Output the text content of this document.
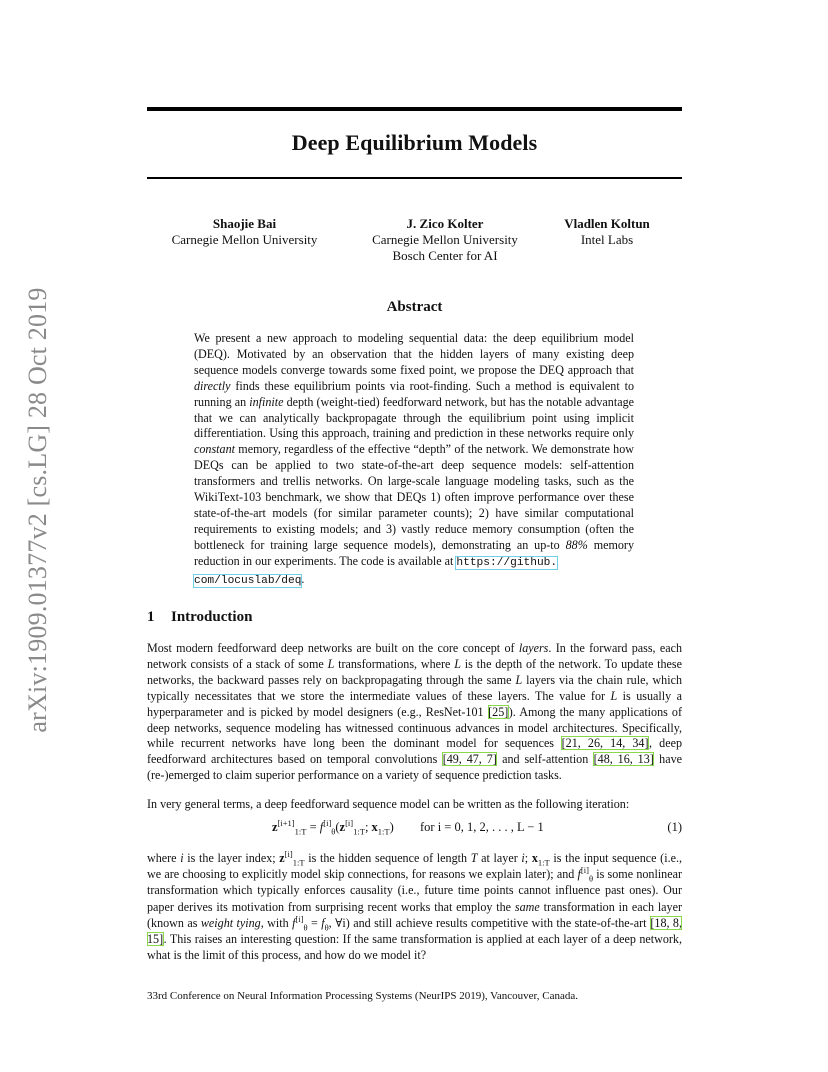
arXiv:1909.01377v2 [cs.LG] 28 Oct 2019
Deep Equilibrium Models
Shaojie Bai
Carnegie Mellon University
J. Zico Kolter
Carnegie Mellon University
Bosch Center for AI
Vladlen Koltun
Intel Labs
Abstract
We present a new approach to modeling sequential data: the deep equilibrium model (DEQ). Motivated by an observation that the hidden layers of many existing deep sequence models converge towards some fixed point, we propose the DEQ approach that directly finds these equilibrium points via root-finding. Such a method is equivalent to running an infinite depth (weight-tied) feedforward network, but has the notable advantage that we can analytically backpropagate through the equilibrium point using implicit differentiation. Using this approach, training and prediction in these networks require only constant memory, regardless of the effective “depth” of the network. We demonstrate how DEQs can be applied to two state-of-the-art deep sequence models: self-attention transformers and trellis networks. On large-scale language modeling tasks, such as the WikiText-103 benchmark, we show that DEQs 1) often improve performance over these state-of-the-art models (for similar parameter counts); 2) have similar computational requirements to existing models; and 3) vastly reduce memory consumption (often the bottleneck for training large sequence models), demonstrating an up-to 88% memory reduction in our experiments. The code is available at https://github.
com/locuslab/deq.
1 Introduction
Most modern feedforward deep networks are built on the core concept of layers. In the forward pass, each network consists of a stack of some L transformations, where L is the depth of the network. To update these networks, the backward passes rely on backpropagating through the same L layers via the chain rule, which typically necessitates that we store the intermediate values of these layers. The value for L is usually a hyperparameter and is picked by model designers (e.g., ResNet-101 [25]). Among the many applications of deep networks, sequence modeling has witnessed continuous advances in model architectures. Specifically, while recurrent networks have long been the dominant model for sequences [21, 26, 14, 34], deep feedforward architectures based on temporal convolutions [49, 47, 7] and self-attention [48, 16, 13] have (re-)emerged to claim superior performance on a variety of sequence prediction tasks.
In very general terms, a deep feedforward sequence model can be written as the following iteration:
$z[i+1]_{1:T} = f[i]_\theta(z[i]_{1:T}$; $x_{1:T}$) for i = 0, 1, 2, . . . , L − 1	(1)
where i is the layer index; $z[i]_{1:T}$ is the hidden sequence of length T at layer i; $x_{1:T}$ is the input sequence (i.e., we are choosing to explicitly model skip connections, for reasons we explain later); and $f[i]_\theta$ is some nonlinear transformation which typically enforces causality (i.e., future time points cannot influence past ones). Our paper derives its motivation from surprising recent works that employ the same transformation in each layer (known as weight tying, with $f[i]_\theta = f_\theta$, ∀i) and still achieve results competitive with the state-of-the-art [18, 8, 15]. This raises an interesting question: If the same transformation is applied at each layer of a deep network, what is the limit of this process, and how do we model it?
33rd Conference on Neural Information Processing Systems (NeurIPS 2019), Vancouver, Canada.
